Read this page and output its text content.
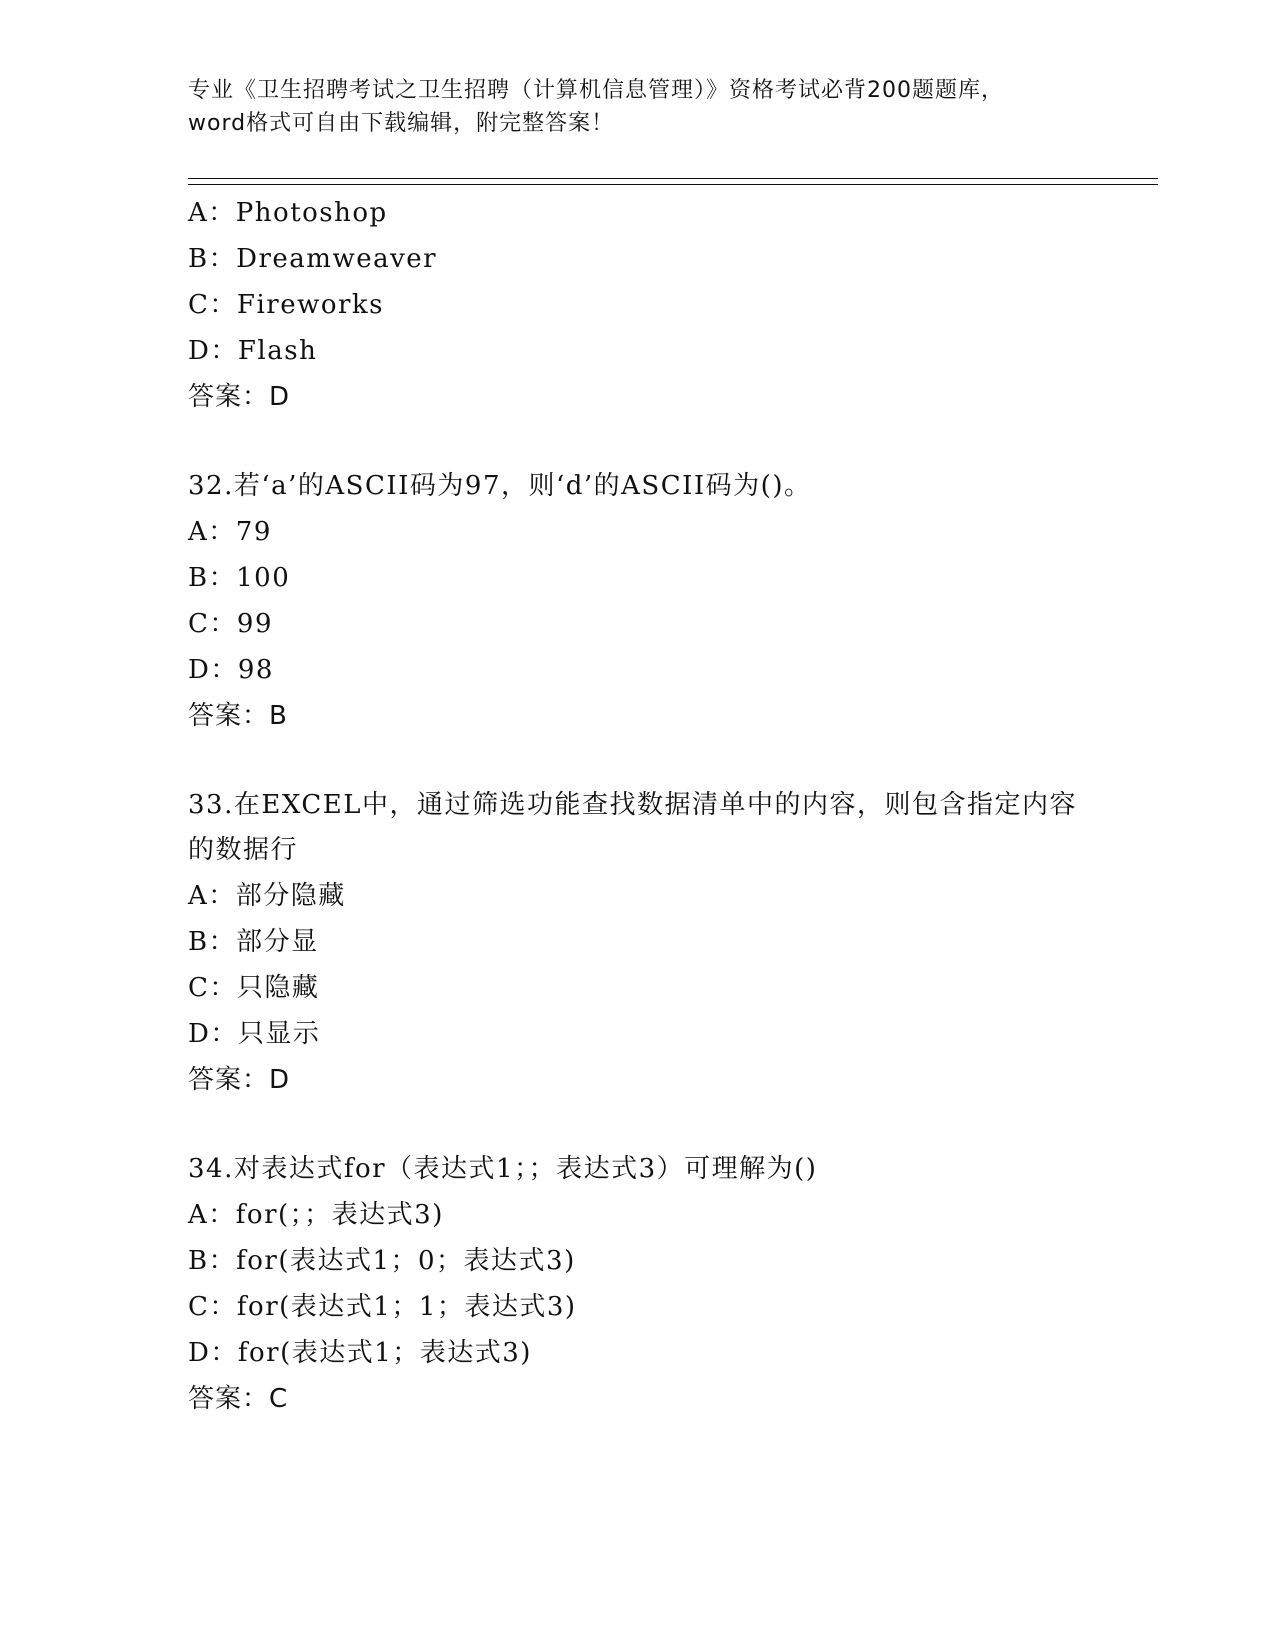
专业《卫生招聘考试之卫生招聘（计算机信息管理）》资格考试必背200题题库，
word格式可自由下载编辑，附完整答案！
A：Photoshop
B：Dreamweaver
C：Fireworks
D：Flash
答案：D
32.若‘a’的ASCII码为97，则‘d’的ASCII码为()。
A：79
B：100
C：99
D：98
答案：B
33.在EXCEL中，通过筛选功能查找数据清单中的内容，则包含指定内容的数据行
A：部分隐藏
B：部分显
C：只隐藏
D：只显示
答案：D
34.对表达式for（表达式1；；表达式3）可理解为()
A：for(；；表达式3)
B：for(表达式1；0；表达式3)
C：for(表达式1；1；表达式3)
D：for(表达式1；表达式3)
答案：C
